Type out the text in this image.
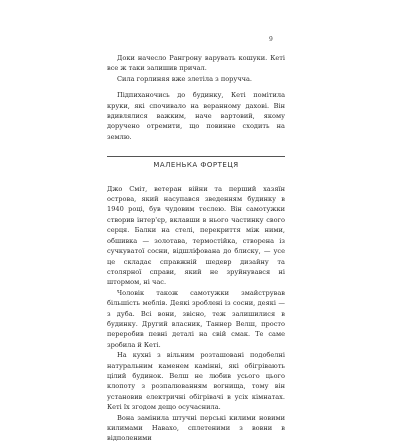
9

Доки начесло Рангрону варувать кошуки. Кеті все ж таки залишив причал.

Сила горлиняя вже злетіла з поручча.

Підпиханочись до будинку, Кеті помітила круки, які спочивало на веранному дахові. Він вдивлялися важким, наче вартовий, якому доручено отремити, що повинне сходить на землю.

МАЛЕНЬКА ФОРТЕЦЯ

Джо Сміт, ветеран війни та перший хазяїн острова, який насупався зведенням будинку в 1940 році, був чудовим теслею. Він самотужки створив інтер'єр, вклавши в нього частинку свого серця. Балки на стелі, перекриття між ними, обшивка — золотава, термостійка, створена із сучкуватої сосни, відшліфована до блиску, — усе це складає справжній шедевр дизайну та столярної справи, який не зруйнувався ні штормом, ні час.

Чоловік також самотужки змайстрував більшість меблів. Деякі зроблені із сосни, деякі — з дуба. Всі вони, звісно, теж залишилися в будинку. Другий власник, Таннер Велш, просто переробив певні деталі на свій смак. Те саме зробила й Кеті.

На кухні з вільним розташовані подобелні натуральним каменем камінні, які обігрівають цілий будинок. Велш не любив усього цього клопоту з розпалюванням вогнища, тому він установив електричні обігрівачі в усіх кімнатах. Кеті їх згодом дещо осучаснила.

Вона замінила штучні перські килими новими килимами Навахо, сплетеними з вовни в відполеними
